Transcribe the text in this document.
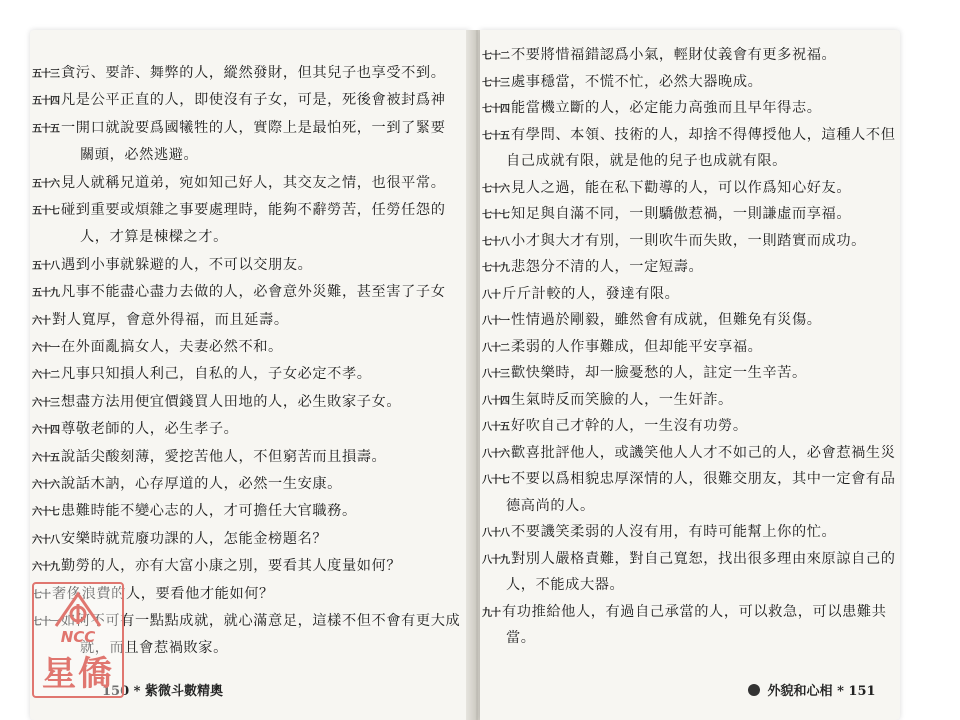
五十三 貪污、要詐、舞弊的人，縱然發財，但其兒子也享受不到。
五十四 凡是公平正直的人，即使沒有子女，可是，死後會被封爲神
五十五 一開口就說要爲國犧牲的人，實際上是最怕死，一到了緊要
關頭，必然逃避。
五十六 見人就稱兄道弟，宛如知己好人，其交友之情，也很平常。
五十七 碰到重要或煩雜之事要處理時，能夠不辭勞苦，任勞任怨的
人，才算是棟樑之才。
五十八 遇到小事就躲避的人，不可以交朋友。
五十九 凡事不能盡心盡力去做的人，必會意外災難，甚至害了子女
六十 對人寬厚，會意外得福，而且延壽。
六十一 在外面亂搞女人，夫妻必然不和。
六十二 凡事只知損人利己，自私的人，子女必定不孝。
六十三 想盡方法用便宜價錢買人田地的人，必生敗家子女。
六十四 尊敬老師的人，必生孝子。
六十五 說話尖酸刻薄，愛挖苦他人，不但窮苦而且損壽。
六十六 說話木訥，心存厚道的人，必然一生安康。
六十七 患難時能不變心志的人，才可擔任大官職務。
六十八 安樂時就荒廢功課的人，怎能金榜題名？
六十九 勤勞的人，亦有大富小康之別，要看其人度量如何？
七十 奢侈浪費的人，要看他才能如何？
七十一 如何不可有一點點成就，就心滿意足，這樣不但不會有更大成
就，而且會惹禍敗家。
150 * 紫微斗數精奧
七十二 不要將惜福錯認爲小氣，輕財仗義會有更多祝福。
七十三 處事穩當，不慌不忙，必然大器晚成。
七十四 能當機立斷的人，必定能力高強而且早年得志。
七十五 有學問、本領、技術的人，却捨不得傳授他人，這種人不但
自己成就有限，就是他的兒子也成就有限。
七十六 見人之過，能在私下勸導的人，可以作爲知心好友。
七十七 知足與自滿不同，一則驕傲惹禍，一則謙虛而享福。
七十八 小才與大才有別，一則吹牛而失敗，一則踏實而成功。
七十九 悲怨分不清的人，一定短壽。
八十 斤斤計較的人，發達有限。
八十一 性情過於剛毅，雖然會有成就，但難免有災傷。
八十二 柔弱的人作事難成，但却能平安享福。
八十三 歡快樂時，却一臉憂愁的人，註定一生辛苦。
八十四 生氣時反而笑臉的人，一生奸詐。
八十五 好吹自己才幹的人，一生沒有功勞。
八十六 歡喜批評他人，或譏笑他人人才不如己的人，必會惹禍生災
八十七 不要以爲相貌忠厚深情的人，很難交朋友，其中一定會有品
德高尚的人。
八十八 不要譏笑柔弱的人沒有用，有時可能幫上你的忙。
八十九 對別人嚴格責難，對自己寬恕，找出很多理由來原諒自己的
人，不能成大器。
九十 有功推給他人，有過自己承當的人，可以救急，可以患難共
當。
外貌和心相 * 151
NCC
星僑
